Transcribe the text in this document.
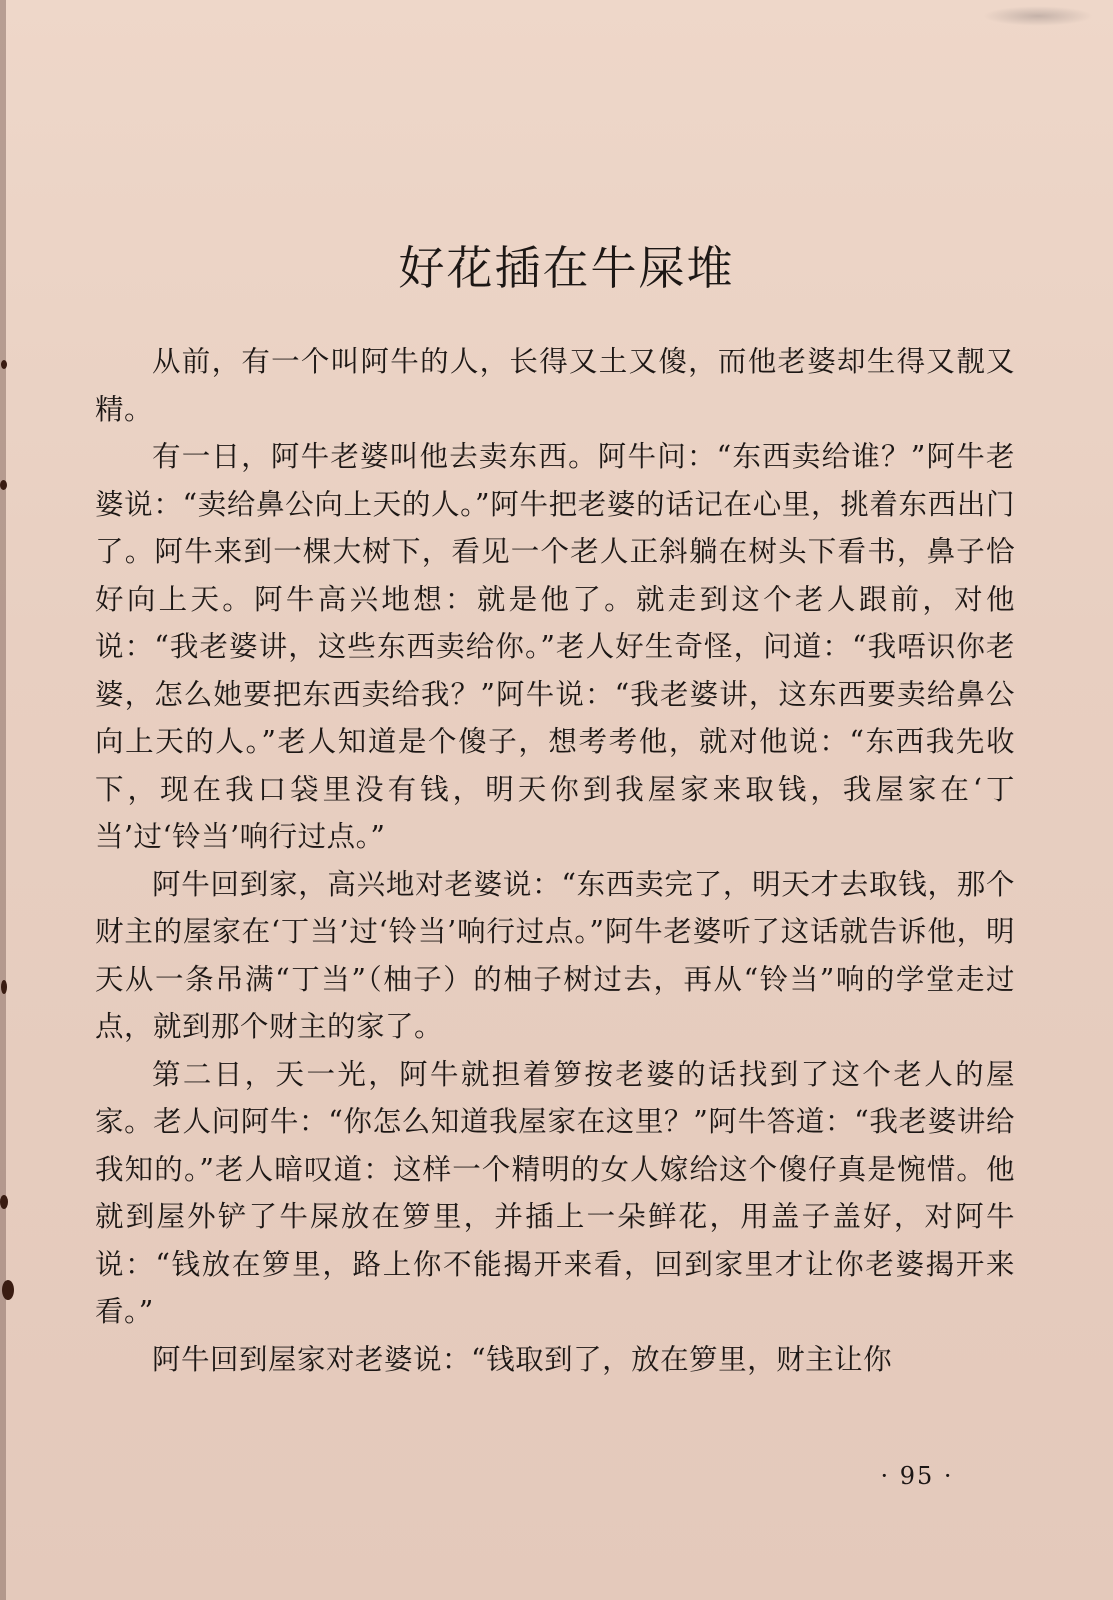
好花插在牛屎堆

从前，有一个叫阿牛的人，长得又土又傻，而他老婆却生得又靓又精。

有一日，阿牛老婆叫他去卖东西。阿牛问：“东西卖给谁？”阿牛老婆说：“卖给鼻公向上天的人。”阿牛把老婆的话记在心里，挑着东西出门了。阿牛来到一棵大树下，看见一个老人正斜躺在树头下看书，鼻子恰好向上天。阿牛高兴地想：就是他了。就走到这个老人跟前，对他说：“我老婆讲，这些东西卖给你。”老人好生奇怪，问道：“我唔识你老婆，怎么她要把东西卖给我？”阿牛说：“我老婆讲，这东西要卖给鼻公向上天的人。”老人知道是个傻子，想考考他，就对他说：“东西我先收下，现在我口袋里没有钱，明天你到我屋家来取钱，我屋家在‘丁当’过‘铃当’响行过点。”

阿牛回到家，高兴地对老婆说：“东西卖完了，明天才去取钱，那个财主的屋家在‘丁当’过‘铃当’响行过点。”阿牛老婆听了这话就告诉他，明天从一条吊满“丁当”（柚子）的柚子树过去，再从“铃当”响的学堂走过点，就到那个财主的家了。

第二日，天一光，阿牛就担着箩按老婆的话找到了这个老人的屋家。老人问阿牛：“你怎么知道我屋家在这里？”阿牛答道：“我老婆讲给我知的。”老人暗叹道：这样一个精明的女人嫁给这个傻仔真是惋惜。他就到屋外铲了牛屎放在箩里，并插上一朵鲜花，用盖子盖好，对阿牛说：“钱放在箩里，路上你不能揭开来看，回到家里才让你老婆揭开来看。”

阿牛回到屋家对老婆说：“钱取到了，放在箩里，财主让你

· 95 ·
